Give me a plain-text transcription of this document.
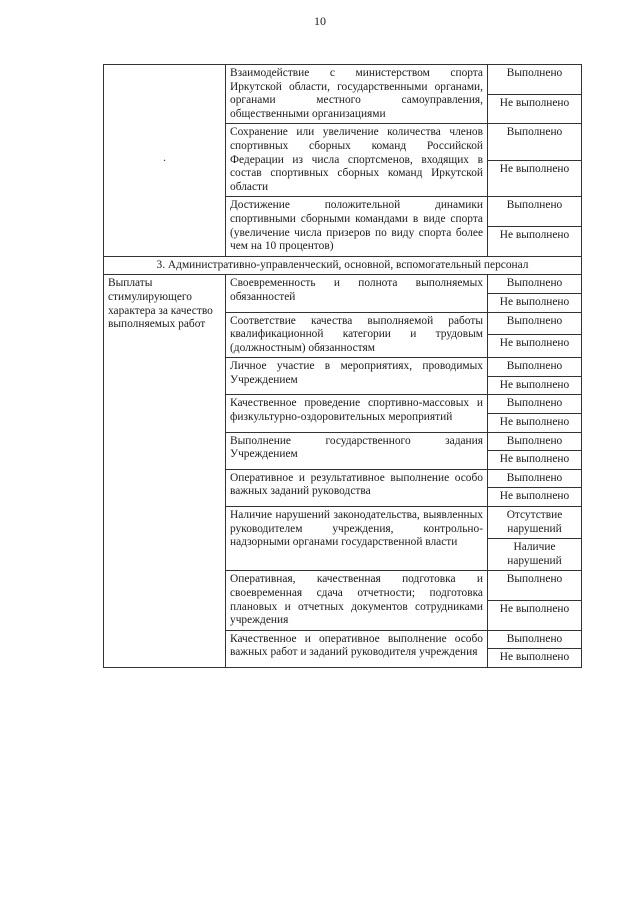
10
·	Взаимодействие с министерством спорта Иркутской области, государственными органами, органами местного самоуправления, общественными организациями	Выполнено
		Не выполнено
	Сохранение или увеличение количества членов спортивных сборных команд Российской Федерации из числа спортсменов, входящих в состав спортивных сборных команд Иркутской области	Выполнено
		Не выполнено
	Достижение положительной динамики спортивными сборными командами в виде спорта (увеличение числа призеров по виду спорта более чем на 10 процентов)	Выполнено
		Не выполнено
3. Административно-управленческий, основной, вспомогательный персонал		
Выплаты стимулирующего характера за качество выполняемых работ	Своевременность и полнота выполняемых обязанностей	Выполнено
		Не выполнено
	Соответствие качества выполняемой работы квалификационной категории и трудовым (должностным) обязанностям	Выполнено
		Не выполнено
	Личное участие в мероприятиях, проводимых Учреждением	Выполнено
		Не выполнено
	Качественное проведение спортивно-массовых и физкультурно-оздоровительных мероприятий	Выполнено
		Не выполнено
	Выполнение государственного задания Учреждением	Выполнено
		Не выполнено
	Оперативное и результативное выполнение особо важных заданий руководства	Выполнено
		Не выполнено
	Наличие нарушений законодательства, выявленных руководителем учреждения, контрольно-надзорными органами государственной власти	Отсутствие нарушений
		Наличие нарушений
	Оперативная, качественная подготовка и своевременная сдача отчетности; подготовка плановых и отчетных документов сотрудниками учреждения	Выполнено
		Не выполнено
	Качественное и оперативное выполнение особо важных работ и заданий руководителя учреждения	Выполнено
		Не выполнено
